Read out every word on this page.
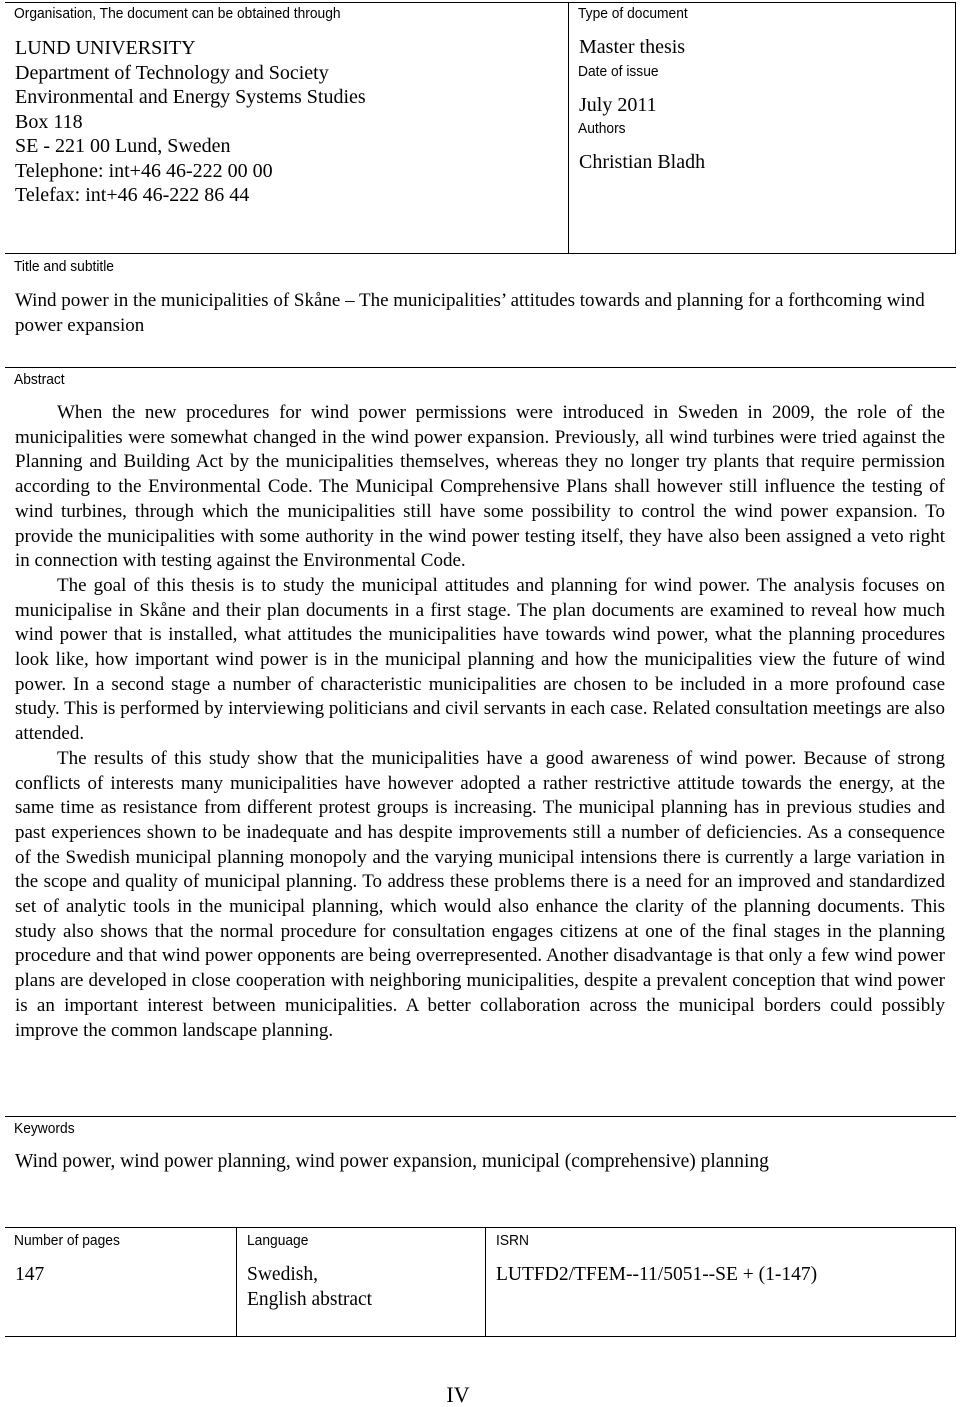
Organisation, The document can be obtained through
LUND UNIVERSITY
Department of Technology and Society
Environmental and Energy Systems Studies
Box 118
SE - 221 00 Lund, Sweden
Telephone: int+46 46-222 00 00
Telefax: int+46 46-222 86 44
Type of document
Master thesis
Date of issue
July 2011
Authors
Christian Bladh
Title and subtitle
Wind power in the municipalities of Skåne – The municipalities’ attitudes towards and planning for a forthcoming wind power expansion
Abstract

When the new procedures for wind power permissions were introduced in Sweden in 2009, the role of the municipalities were somewhat changed in the wind power expansion. Previously, all wind turbines were tried against the Planning and Building Act by the municipalities themselves, whereas they no longer try plants that require permission according to the Environmental Code. The Municipal Comprehensive Plans shall however still influence the testing of wind turbines, through which the municipalities still have some possibility to control the wind power expansion. To provide the municipalities with some authority in the wind power testing itself, they have also been assigned a veto right in connection with testing against the Environmental Code.

The goal of this thesis is to study the municipal attitudes and planning for wind power. The analysis focuses on municipalise in Skåne and their plan documents in a first stage. The plan documents are examined to reveal how much wind power that is installed, what attitudes the municipalities have towards wind power, what the planning procedures look like, how important wind power is in the municipal planning and how the municipalities view the future of wind power. In a second stage a number of characteristic municipalities are chosen to be included in a more profound case study. This is performed by interviewing politicians and civil servants in each case. Related consultation meetings are also attended.

The results of this study show that the municipalities have a good awareness of wind power. Because of strong conflicts of interests many municipalities have however adopted a rather restrictive attitude towards the energy, at the same time as resistance from different protest groups is increasing. The municipal planning has in previous studies and past experiences shown to be inadequate and has despite improvements still a number of deficiencies. As a consequence of the Swedish municipal planning monopoly and the varying municipal intensions there is currently a large variation in the scope and quality of municipal planning. To address these problems there is a need for an improved and standardized set of analytic tools in the municipal planning, which would also enhance the clarity of the planning documents. This study also shows that the normal procedure for consultation engages citizens at one of the final stages in the planning procedure and that wind power opponents are being overrepresented. Another disadvantage is that only a few wind power plans are developed in close cooperation with neighboring municipalities, despite a prevalent conception that wind power is an important interest between municipalities. A better collaboration across the municipal borders could possibly improve the common landscape planning.

Keywords
Wind power, wind power planning, wind power expansion, municipal (comprehensive) planning
Number of pages
147
Language
Swedish,
English abstract
ISRN
LUTFD2/TFEM--11/5051--SE + (1-147)
IV
